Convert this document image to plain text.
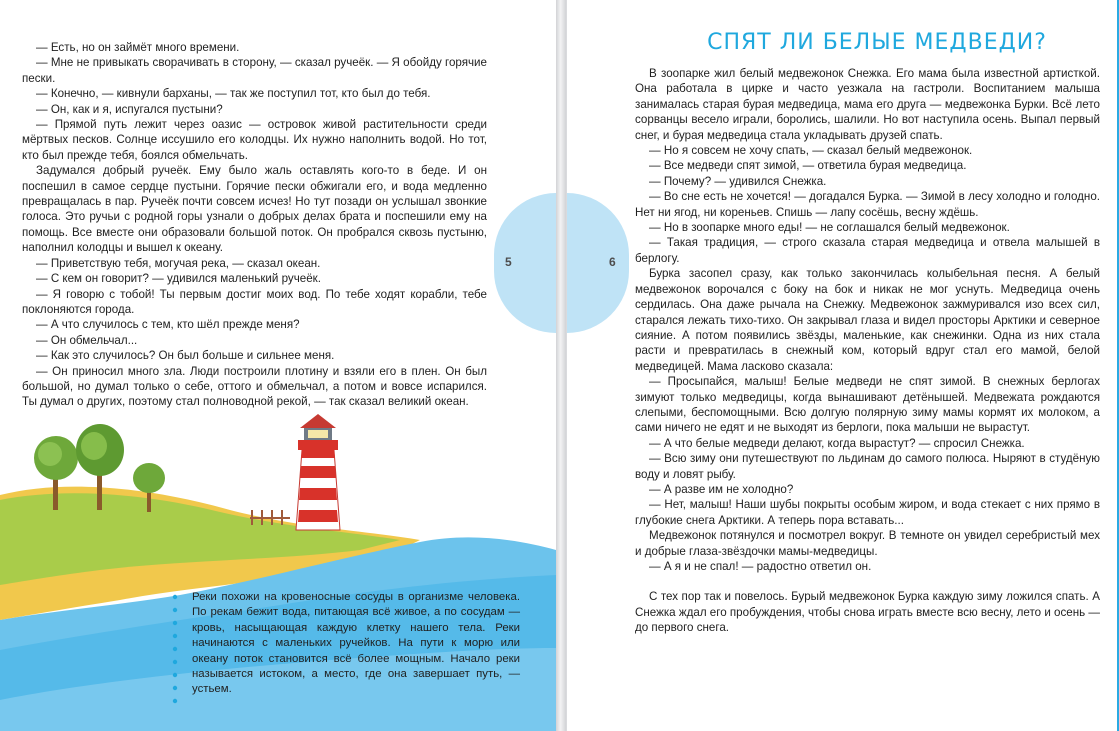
— Есть, но он займёт много времени.

— Мне не привыкать сворачивать в сторону, — сказал ручеёк. — Я обойду горячие пески.

— Конечно, — кивнули барханы, — так же поступил тот, кто был до тебя.

— Он, как и я, испугался пустыни?

— Прямой путь лежит через оазис — островок живой растительности среди мёртвых песков. Солнце иссушило его колодцы. Их нужно наполнить водой. Но тот, кто был прежде тебя, боялся обмельчать.

Задумался добрый ручеёк. Ему было жаль оставлять кого-то в беде. И он поспешил в самое сердце пустыни. Горячие пески обжигали его, и вода медленно превращалась в пар. Ручеёк почти совсем исчез! Но тут позади он услышал звонкие голоса. Это ручьи с родной горы узнали о добрых делах брата и поспешили ему на помощь. Все вместе они образовали большой поток. Он пробрался сквозь пустыню, наполнил колодцы и вышел к океану.

— Приветствую тебя, могучая река, — сказал океан.

— С кем он говорит? — удивился маленький ручеёк.

— Я говорю с тобой! Ты первым достиг моих вод. По тебе ходят корабли, тебе поклоняются города.

— А что случилось с тем, кто шёл прежде меня?

— Он обмельчал...

— Как это случилось? Он был больше и сильнее меня.

— Он приносил много зла. Люди построили плотину и взяли его в плен. Он был большой, но думал только о себе, оттого и обмельчал, а потом и вовсе испарился. Ты думал о других, поэтому стал полноводной рекой, — так сказал великий океан.

Реки похожи на кровеносные сосуды в организме человека. По рекам бежит вода, питающая всё живое, а по сосудам — кровь, насыщающая каждую клетку нашего тела. Реки начинаются с маленьких ручейков. На пути к морю или океану поток становится всё более мощным. Начало реки называется истоком, а место, где она завершает путь, — устьем.

5
СПЯТ ЛИ БЕЛЫЕ МЕДВЕДИ?

В зоопарке жил белый медвежонок Снежка. Его мама была известной артисткой. Она работала в цирке и часто уезжала на гастроли. Воспитанием малыша занималась старая бурая медведица, мама его друга — медвежонка Бурки. Всё лето сорванцы весело играли, боролись, шалили. Но вот наступила осень. Выпал первый снег, и бурая медведица стала укладывать друзей спать.

— Но я совсем не хочу спать, — сказал белый медвежонок.

— Все медведи спят зимой, — ответила бурая медведица.

— Почему? — удивился Снежка.

— Во сне есть не хочется! — догадался Бурка. — Зимой в лесу холодно и голодно. Нет ни ягод, ни кореньев. Спишь — лапу сосёшь, весну ждёшь.

— Но в зоопарке много еды! — не соглашался белый медвежонок.

— Такая традиция, — строго сказала старая медведица и отвела малышей в берлогу.

Бурка засопел сразу, как только закончилась колыбельная песня. А белый медвежонок ворочался с боку на бок и никак не мог уснуть. Медведица очень сердилась. Она даже рычала на Снежку. Медвежонок зажмуривался изо всех сил, старался лежать тихо-тихо. Он закрывал глаза и видел просторы Арктики и северное сияние. А потом появились звёзды, маленькие, как снежинки. Одна из них стала расти и превратилась в снежный ком, который вдруг стал его мамой, белой медведицей. Мама ласково сказала:

— Просыпайся, малыш! Белые медведи не спят зимой. В снежных берлогах зимуют только медведицы, когда вынашивают детёнышей. Медвежата рождаются слепыми, беспомощными. Всю долгую полярную зиму мамы кормят их молоком, а сами ничего не едят и не выходят из берлоги, пока малыши не вырастут.

— А что белые медведи делают, когда вырастут? — спросил Снежка.

— Всю зиму они путешествуют по льдинам до самого полюса. Ныряют в студёную воду и ловят рыбу.

— А разве им не холодно?

— Нет, малыш! Наши шубы покрыты особым жиром, и вода стекает с них прямо в глубокие снега Арктики. А теперь пора вставать...

Медвежонок потянулся и посмотрел вокруг. В темноте он увидел серебристый мех и добрые глаза-звёздочки мамы-медведицы.

— А я и не спал! — радостно ответил он.

С тех пор так и повелось. Бурый медвежонок Бурка каждую зиму ложился спать. А Снежка ждал его пробуждения, чтобы снова играть вместе всю весну, лето и осень — до первого снега.

6
